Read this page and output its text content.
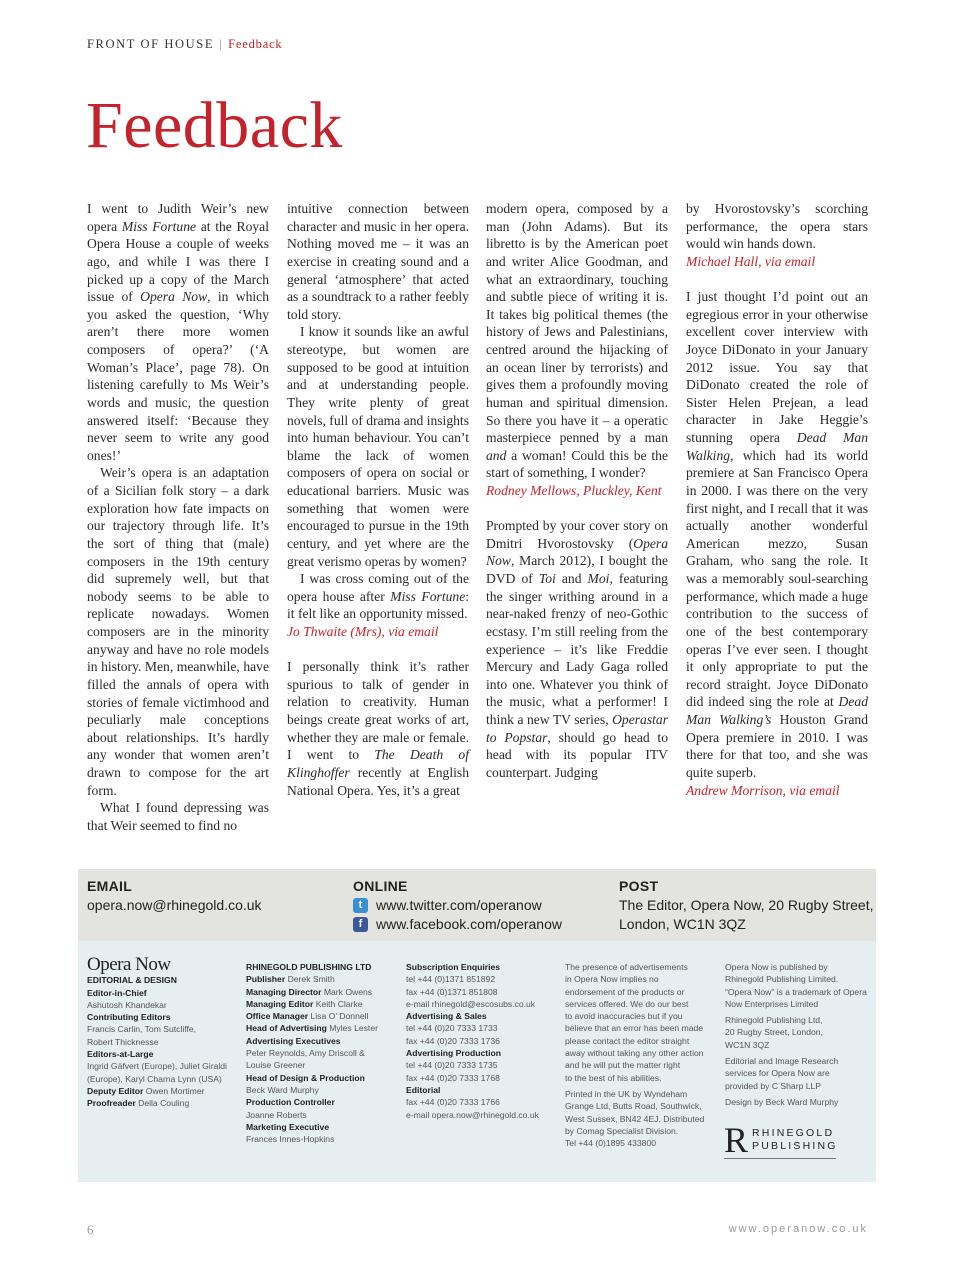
FRONT OF HOUSE | Feedback
Feedback

I went to Judith Weir’s new opera Miss Fortune at the Royal Opera House a couple of weeks ago, and while I was there I picked up a copy of the March issue of Opera Now, in which you asked the question, ‘Why aren’t there more women composers of opera?’ (‘A Woman’s Place’, page 78). On listening carefully to Ms Weir’s words and music, the question answered itself: ‘Because they never seem to write any good ones!’

Weir’s opera is an adaptation of a Sicilian folk story – a dark exploration how fate impacts on our trajectory through life. It’s the sort of thing that (male) composers in the 19th century did supremely well, but that nobody seems to be able to replicate nowadays. Women composers are in the minority anyway and have no role models in history. Men, meanwhile, have filled the annals of opera with stories of female victimhood and peculiarly male conceptions about relationships. It’s hardly any wonder that women aren’t drawn to compose for the art form.

What I found depressing was that Weir seemed to find no

intuitive connection between character and music in her opera. Nothing moved me – it was an exercise in creating sound and a general ‘atmosphere’ that acted as a soundtrack to a rather feebly told story.

I know it sounds like an awful stereotype, but women are supposed to be good at intuition and at understanding people. They write plenty of great novels, full of drama and insights into human behaviour. You can’t blame the lack of women composers of opera on social or educational barriers. Music was something that women were encouraged to pursue in the 19th century, and yet where are the great verismo operas by women?

I was cross coming out of the opera house after Miss Fortune: it felt like an opportunity missed.

Jo Thwaite (Mrs), via email

I personally think it’s rather spurious to talk of gender in relation to creativity. Human beings create great works of art, whether they are male or female. I went to The Death of Klinghoffer recently at English National Opera. Yes, it’s a great

modern opera, composed by a man (John Adams). But its libretto is by the American poet and writer Alice Goodman, and what an extraordinary, touching and subtle piece of writing it is. It takes big political themes (the history of Jews and Palestinians, centred around the hijacking of an ocean liner by terrorists) and gives them a profoundly moving human and spiritual dimension. So there you have it – a operatic masterpiece penned by a man and a woman! Could this be the start of something, I wonder?

Rodney Mellows, Pluckley, Kent

Prompted by your cover story on Dmitri Hvorostovsky (Opera Now, March 2012), I bought the DVD of Toi and Moi, featuring the singer writhing around in a near-naked frenzy of neo-Gothic ecstasy. I’m still reeling from the experience – it’s like Freddie Mercury and Lady Gaga rolled into one. Whatever you think of the music, what a performer! I think a new TV series, Operastar to Popstar, should go head to head with its popular ITV counterpart. Judging

by Hvorostovsky’s scorching performance, the opera stars would win hands down.

Michael Hall, via email

I just thought I’d point out an egregious error in your otherwise excellent cover interview with Joyce DiDonato in your January 2012 issue. You say that DiDonato created the role of Sister Helen Prejean, a lead character in Jake Heggie’s stunning opera Dead Man Walking, which had its world premiere at San Francisco Opera in 2000. I was there on the very first night, and I recall that it was actually another wonderful American mezzo, Susan Graham, who sang the role. It was a memorably soul-searching performance, which made a huge contribution to the success of one of the best contemporary operas I’ve ever seen. I thought it only appropriate to put the record straight. Joyce DiDonato did indeed sing the role at Dead Man Walking’s Houston Grand Opera premiere in 2010. I was there for that too, and she was quite superb.

Andrew Morrison, via email

EMAIL
opera.now@rhinegold.co.uk
ONLINE
t www.twitter.com/operanow
f www.facebook.com/operanow
POST
The Editor, Opera Now, 20 Rugby Street,
London, WC1N 3QZ
Opera Now
EDITORIAL & DESIGN
Editor-in-Chief
Ashutosh Khandekar
Contributing Editors
Francis Carlin, Tom Sutcliffe,
Robert Thicknesse
Editors-at-Large
Ingrid Gäfvert (Europe), Juliet Giraldi
(Europe), Karyl Charna Lynn (USA)
Deputy Editor Owen Mortimer
Proofreader Della Couling
RHINEGOLD PUBLISHING LTD
Publisher Derek Smith
Managing Director Mark Owens
Managing Editor Keith Clarke
Office Manager Lisa O’ Donnell
Head of Advertising Myles Lester
Advertising Executives
Peter Reynolds, Amy Driscoll &
Louise Greener
Head of Design & Production
Beck Ward Murphy
Production Controller
Joanne Roberts
Marketing Executive
Frances Innes-Hopkins
Subscription Enquiries
tel +44 (0)1371 851892
fax +44 (0)1371 851808
e-mail rhinegold@escosubs.co.uk
Advertising & Sales
tel +44 (0)20 7333 1733
fax +44 (0)20 7333 1736
Advertising Production
tel +44 (0)20 7333 1735
fax +44 (0)20 7333 1768
Editorial
fax +44 (0)20 7333 1766
e-mail opera.now@rhinegold.co.uk
The presence of advertisements
in Opera Now implies no
endorsement of the products or
services offered. We do our best
to avoid inaccuracies but if you
believe that an error has been made
please contact the editor straight
away without taking any other action
and he will put the matter right
to the best of his abilities.
Printed in the UK by Wyndeham
Grange Ltd, Butts Road, Southwick,
West Sussex, BN42 4EJ. Distributed
by Comag Specialist Division.
Tel +44 (0)1895 433800
Opera Now is published by
Rhinegold Publishing Limited.
“Opera Now” is a trademark of Opera
Now Enterprises Limited
Rhinegold Publishing Ltd,
20 Rugby Street, London,
WC1N 3QZ
Editorial and Image Research
services for Opera Now are
provided by C Sharp LLP
Design by Beck Ward Murphy
R RHINEGOLD
PUBLISHING
6	www.operanow.co.uk
